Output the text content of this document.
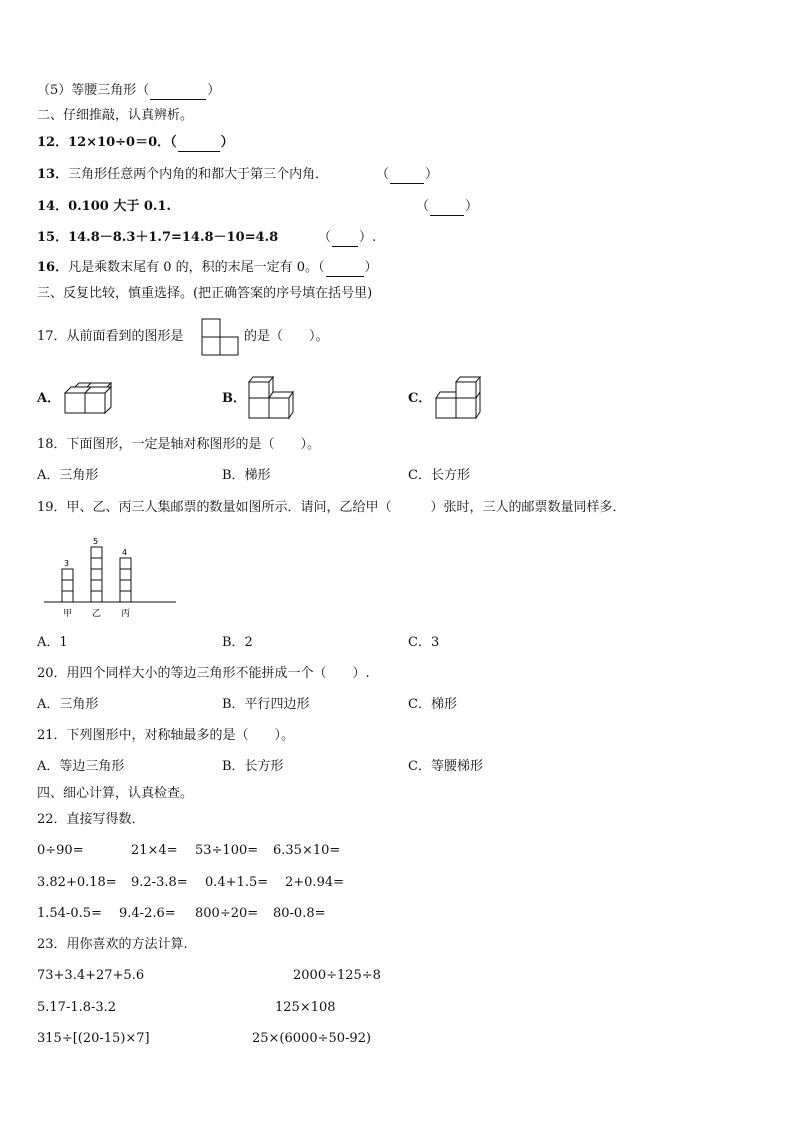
（5）等腰三角形（	）
二、仔细推敲，认真辨析。
12．12×10÷0＝0．（	）
13．三角形任意两个内角的和都大于第三个内角．	（	）
14．0.100 大于 0.1.	（	）
15．14.8－8.3＋1.7=14.8－10=4.8	（ ）.
16．凡是乘数末尾有 0 的，积的末尾一定有 0。（	）
三、反复比较，慎重选择。(把正确答案的序号填在括号里)
17．从前面看到的图形是	的是（　　）。
A．	B．	C．
18．下面图形，一定是轴对称图形的是（　　）。
A．三角形	B．梯形	C．长方形
19．甲、乙、丙三人集邮票的数量如图所示．请问，乙给甲（　　　）张时，三人的邮票数量同样多．
3
甲
5
乙
4
丙
A．1	B．2	C．3
20．用四个同样大小的等边三角形不能拼成一个（　　）.
A．三角形	B．平行四边形	C．梯形
21．下列图形中，对称轴最多的是（　　）。
A．等边三角形	B．长方形	C．等腰梯形
四、细心计算，认真检查。
22．直接写得数．
0÷90=	21×4= 53÷100= 6.35×10=
3.82+0.18= 9.2-3.8= 0.4+1.5= 2+0.94=
1.54-0.5= 9.4-2.6= 800÷20= 80-0.8=
23．用你喜欢的方法计算.
73+3.4+27+5.6	2000÷125÷8
5.17-1.8-3.2	125×108
315÷[(20-15)×7]	25×(6000÷50-92)
